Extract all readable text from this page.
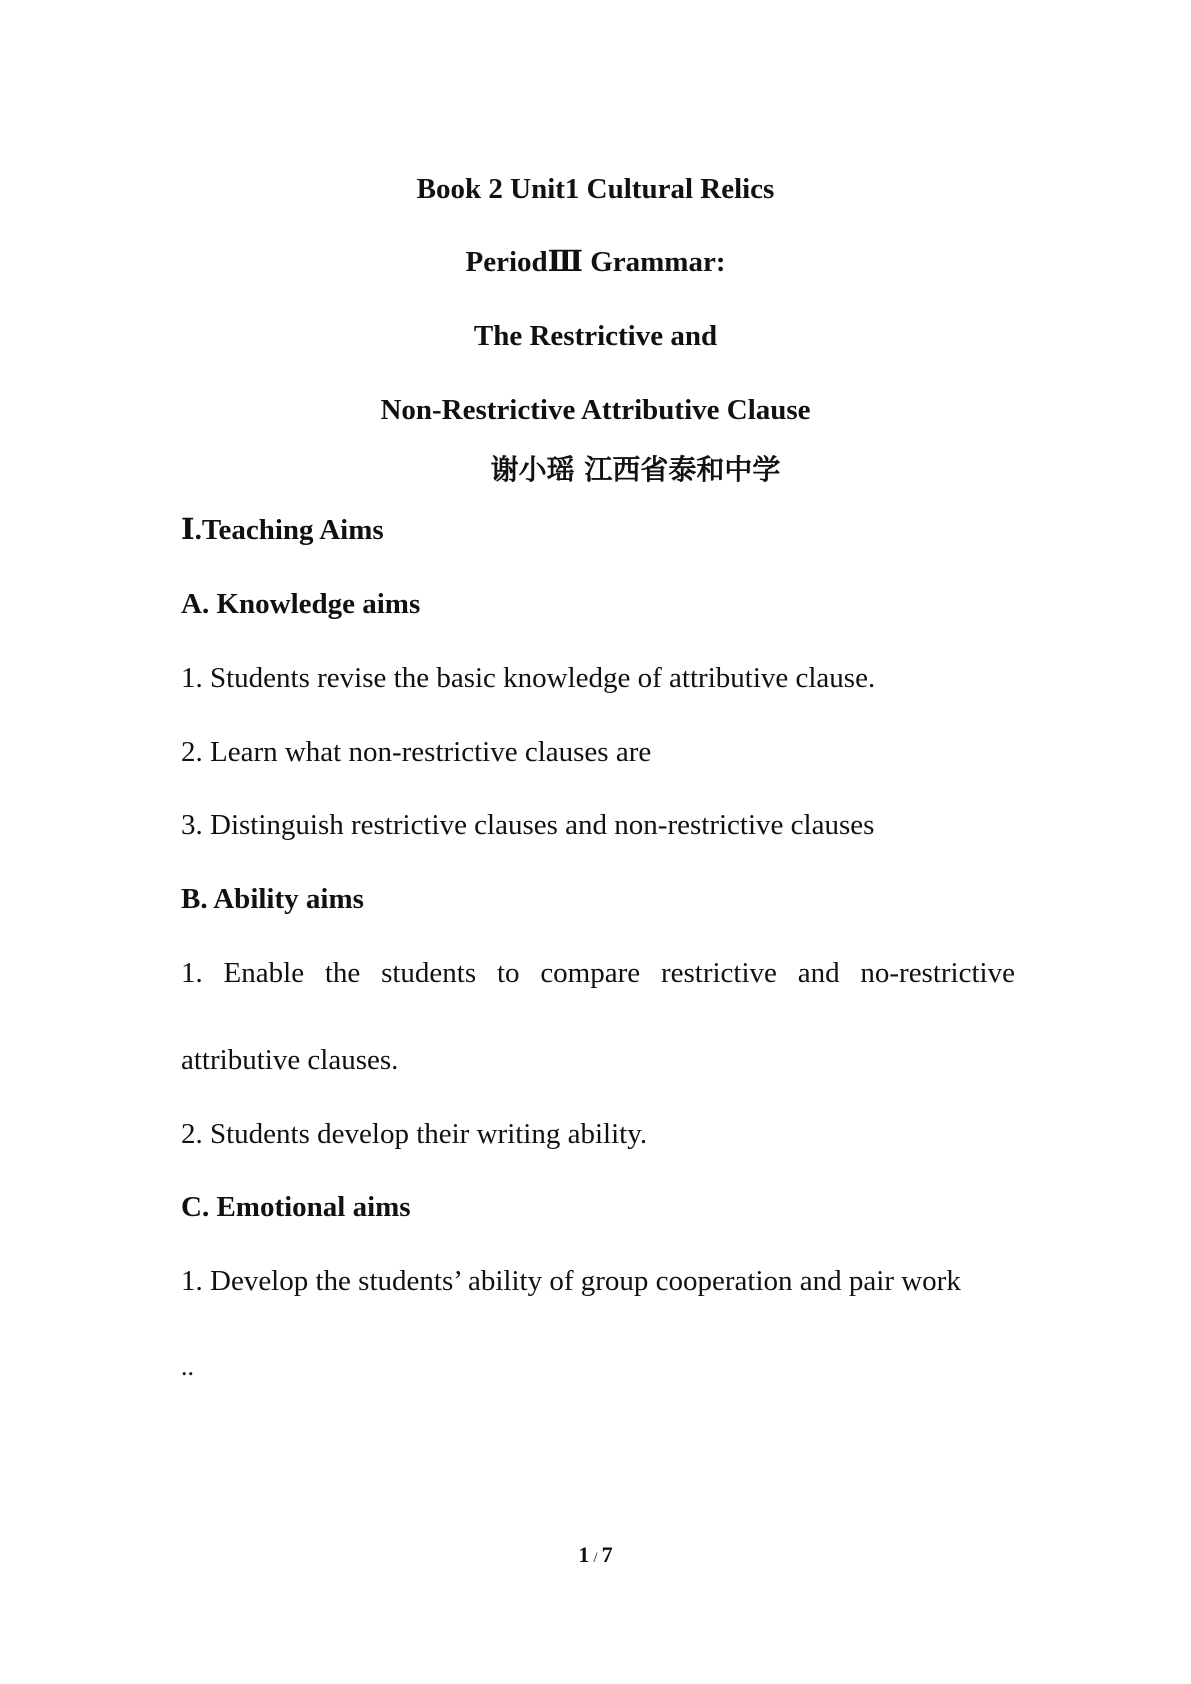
Book 2 Unit1 Cultural Relics
PeriodⅢ Grammar:
The Restrictive and
Non-Restrictive Attributive Clause
谢小瑶 江西省泰和中学
Ⅰ.Teaching Aims
A. Knowledge aims
1. Students revise the basic knowledge of attributive clause.
2. Learn what non-restrictive clauses are
3. Distinguish restrictive clauses and non-restrictive clauses
B. Ability aims
1. Enable the students to compare restrictive and no-restrictive
attributive clauses.
2. Students develop their writing ability.
C. Emotional aims
1. Develop the students’ ability of group cooperation and pair work
..
1 / 7
